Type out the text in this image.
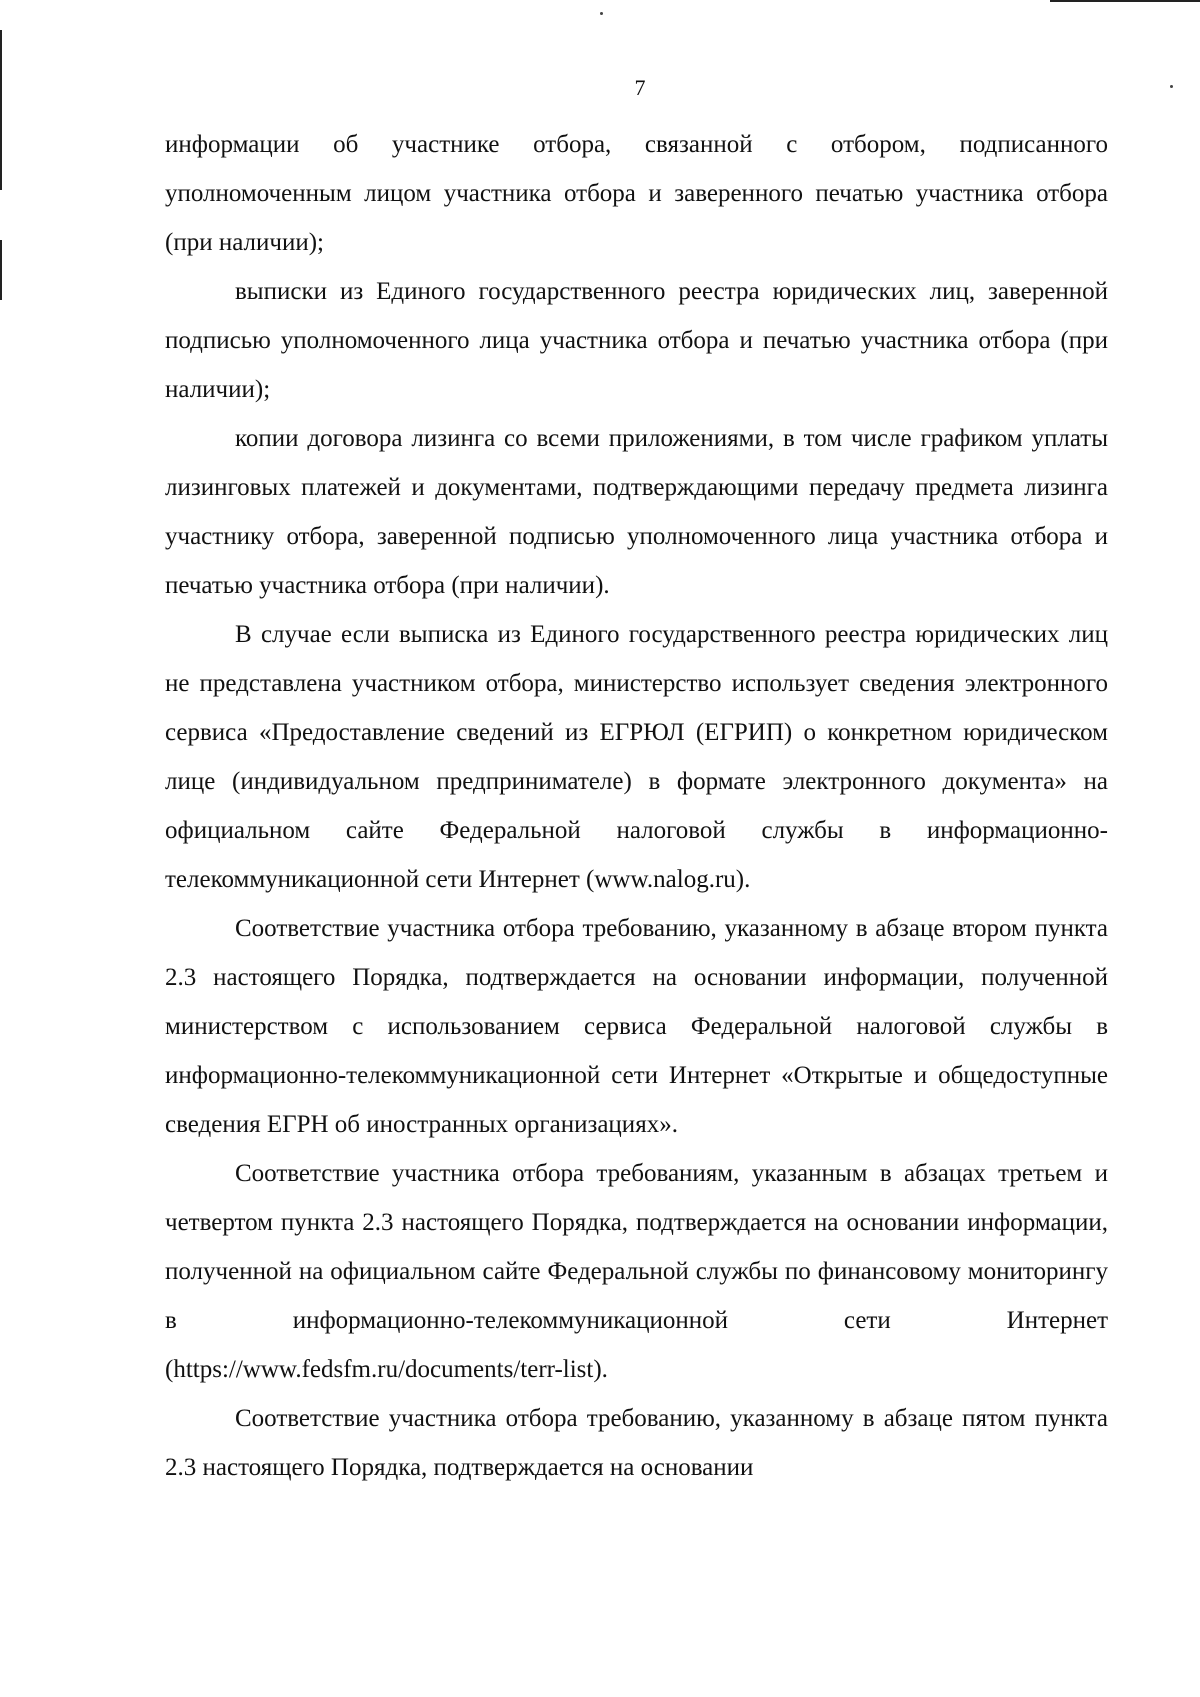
7

информации об участнике отбора, связанной с отбором, подписанного уполномоченным лицом участника отбора и заверенного печатью участника отбора (при наличии);

выписки из Единого государственного реестра юридических лиц, заверенной подписью уполномоченного лица участника отбора и печатью участника отбора (при наличии);

копии договора лизинга со всеми приложениями, в том числе графиком уплаты лизинговых платежей и документами, подтверждающими передачу предмета лизинга участнику отбора, заверенной подписью уполномоченного лица участника отбора и печатью участника отбора (при наличии).

В случае если выписка из Единого государственного реестра юридических лиц не представлена участником отбора, министерство использует сведения электронного сервиса «Предоставление сведений из ЕГРЮЛ (ЕГРИП) о конкретном юридическом лице (индивидуальном предпринимателе) в формате электронного документа» на официальном сайте Федеральной налоговой службы в информационно-телекоммуникационной сети Интернет (www.nalog.ru).

Соответствие участника отбора требованию, указанному в абзаце втором пункта 2.3 настоящего Порядка, подтверждается на основании информации, полученной министерством с использованием сервиса Федеральной налоговой службы в информационно-телекоммуникационной сети Интернет «Открытые и общедоступные сведения ЕГРН об иностранных организациях».

Соответствие участника отбора требованиям, указанным в абзацах третьем и четвертом пункта 2.3 настоящего Порядка, подтверждается на основании информации, полученной на официальном сайте Федеральной службы по финансовому мониторингу в информационно-телекоммуникационной сети Интернет (https://www.fedsfm.ru/documents/terr-list).

Соответствие участника отбора требованию, указанному в абзаце пятом пункта 2.3 настоящего Порядка, подтверждается на основании
